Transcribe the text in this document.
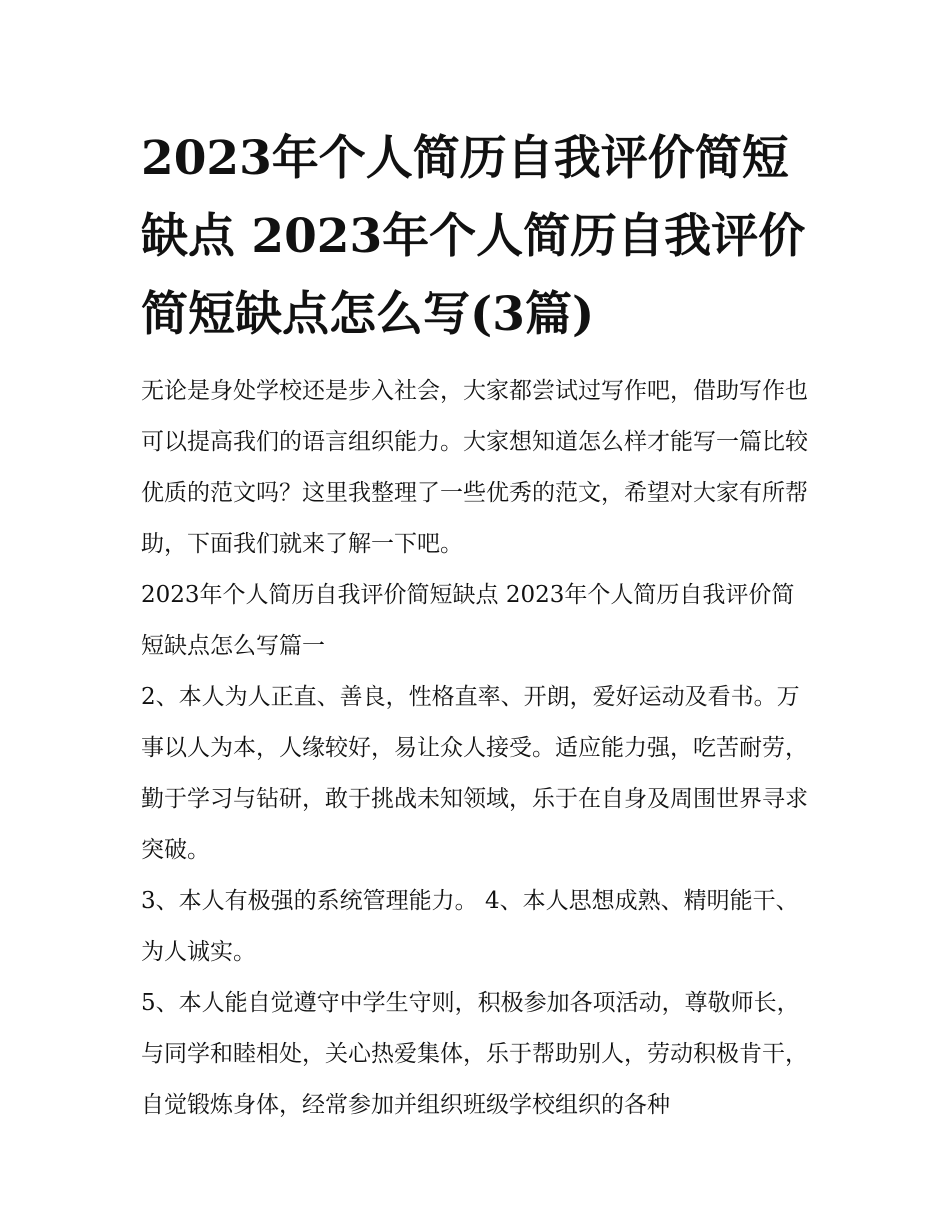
2023年个人简历自我评价简短缺点 2023年个人简历自我评价简短缺点怎么写(3篇)

无论是身处学校还是步入社会，大家都尝试过写作吧，借助写作也可以提高我们的语言组织能力。大家想知道怎么样才能写一篇比较优质的范文吗？这里我整理了一些优秀的范文，希望对大家有所帮助，下面我们就来了解一下吧。

2023年个人简历自我评价简短缺点 2023年个人简历自我评价简短缺点怎么写篇一

2、本人为人正直、善良，性格直率、开朗，爱好运动及看书。万事以人为本，人缘较好，易让众人接受。适应能力强，吃苦耐劳，勤于学习与钻研，敢于挑战未知领域，乐于在自身及周围世界寻求突破。

3、本人有极强的系统管理能力。 4、本人思想成熟、精明能干、为人诚实。

5、本人能自觉遵守中学生守则，积极参加各项活动，尊敬师长，与同学和睦相处，关心热爱集体，乐于帮助别人，劳动积极肯干，自觉锻炼身体，经常参加并组织班级学校组织的各种
